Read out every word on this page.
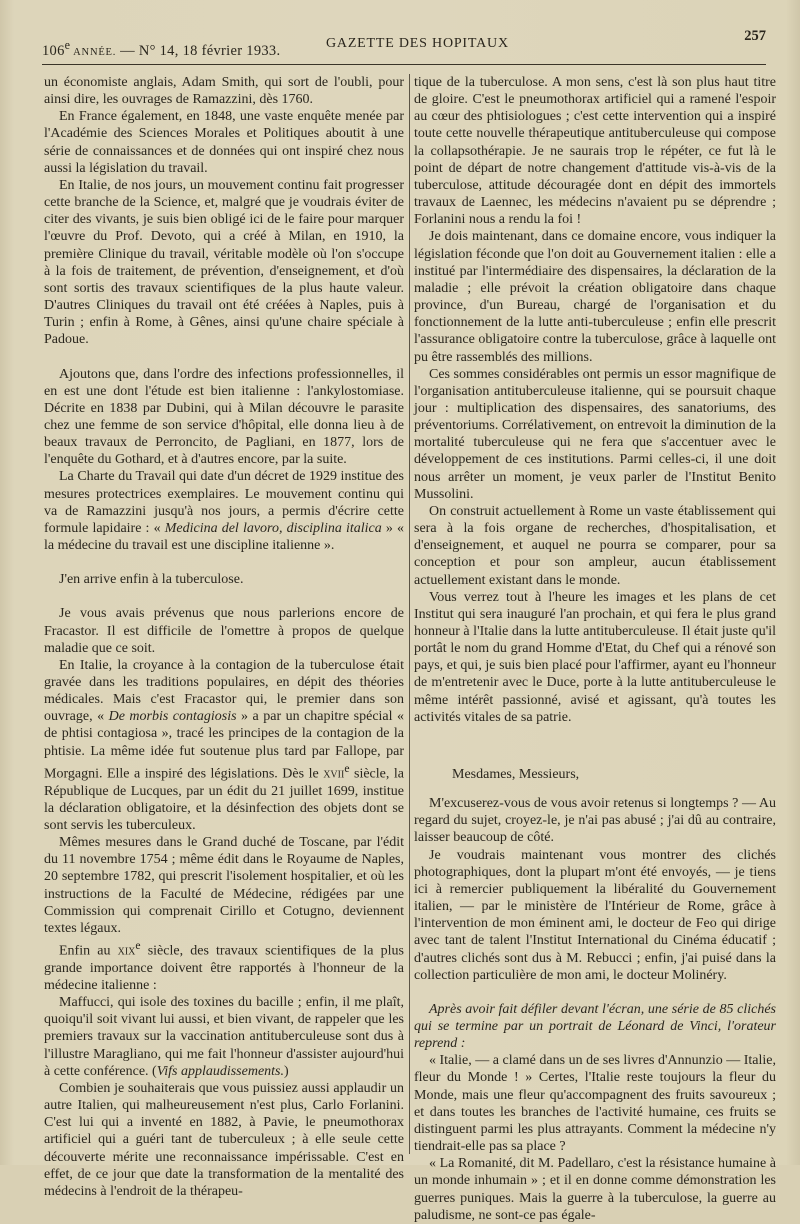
106e ANNÉE. — N° 14, 18 février 1933.	GAZETTE DES HOPITAUX	257

un économiste anglais, Adam Smith, qui sort de l'oubli, pour ainsi dire, les ouvrages de Ramazzini, dès 1760.

En France également, en 1848, une vaste enquête menée par l'Académie des Sciences Morales et Politiques aboutit à une série de connaissances et de données qui ont inspiré chez nous aussi la législation du travail.

En Italie, de nos jours, un mouvement continu fait progresser cette branche de la Science, et, malgré que je voudrais éviter de citer des vivants, je suis bien obligé ici de le faire pour marquer l'œuvre du Prof. Devoto, qui a créé à Milan, en 1910, la première Clinique du travail, véritable modèle où l'on s'occupe à la fois de traitement, de prévention, d'enseignement, et d'où sont sortis des travaux scientifiques de la plus haute valeur. D'autres Cliniques du travail ont été créées à Naples, puis à Turin ; enfin à Rome, à Gênes, ainsi qu'une chaire spéciale à Padoue.

Ajoutons que, dans l'ordre des infections professionnelles, il en est une dont l'étude est bien italienne : l'ankylostomiase. Décrite en 1838 par Dubini, qui à Milan découvre le parasite chez une femme de son service d'hôpital, elle donna lieu à de beaux travaux de Perroncito, de Pagliani, en 1877, lors de l'enquête du Gothard, et à d'autres encore, par la suite.

La Charte du Travail qui date d'un décret de 1929 institue des mesures protectrices exemplaires. Le mouvement continu qui va de Ramazzini jusqu'à nos jours, a permis d'écrire cette formule lapidaire : « Medicina del lavoro, disciplina italica » « la médecine du travail est une discipline italienne ».

J'en arrive enfin à la tuberculose.

Je vous avais prévenus que nous parlerions encore de Fracastor. Il est difficile de l'omettre à propos de quelque maladie que ce soit.

En Italie, la croyance à la contagion de la tuberculose était gravée dans les traditions populaires, en dépit des théories médicales. Mais c'est Fracastor qui, le premier dans son ouvrage, « De morbis contagiosis » a par un chapitre spécial « de phtisi contagiosa », tracé les principes de la contagion de la phtisie. La même idée fut soutenue plus tard par Fallope, par Morgagni. Elle a inspiré des législations. Dès le xvii$^e$ siècle, la République de Lucques, par un édit du 21 juillet 1699, institue la déclaration obligatoire, et la désinfection des objets dont se sont servis les tuberculeux.

Mêmes mesures dans le Grand duché de Toscane, par l'édit du 11 novembre 1754 ; même édit dans le Royaume de Naples, 20 septembre 1782, qui prescrit l'isolement hospitalier, et où les instructions de la Faculté de Médecine, rédigées par une Commission qui comprenait Cirillo et Cotugno, deviennent textes légaux.

Enfin au xix$^e$ siècle, des travaux scientifiques de la plus grande importance doivent être rapportés à l'honneur de la médecine italienne :

Maffucci, qui isole des toxines du bacille ; enfin, il me plaît, quoiqu'il soit vivant lui aussi, et bien vivant, de rappeler que les premiers travaux sur la vaccination antituberculeuse sont dus à l'illustre Maragliano, qui me fait l'honneur d'assister aujourd'hui à cette conférence. (Vifs applaudissements.)

Combien je souhaiterais que vous puissiez aussi applaudir un autre Italien, qui malheureusement n'est plus, Carlo Forlanini. C'est lui qui a inventé en 1882, à Pavie, le pneumothorax artificiel qui a guéri tant de tuberculeux ; à elle seule cette découverte mérite une reconnaissance impérissable. C'est en effet, de ce jour que date la transformation de la mentalité des médecins à l'endroit de la thérapeu-

tique de la tuberculose. A mon sens, c'est là son plus haut titre de gloire. C'est le pneumothorax artificiel qui a ramené l'espoir au cœur des phtisiologues ; c'est cette intervention qui a inspiré toute cette nouvelle thérapeutique antituberculeuse qui compose la collapsothérapie. Je ne saurais trop le répéter, ce fut là le point de départ de notre changement d'attitude vis-à-vis de la tuberculose, attitude découragée dont en dépit des immortels travaux de Laennec, les médecins n'avaient pu se déprendre ; Forlanini nous a rendu la foi !

Je dois maintenant, dans ce domaine encore, vous indiquer la législation féconde que l'on doit au Gouvernement italien : elle a institué par l'intermédiaire des dispensaires, la déclaration de la maladie ; elle prévoit la création obligatoire dans chaque province, d'un Bureau, chargé de l'organisation et du fonctionnement de la lutte anti-tuberculeuse ; enfin elle prescrit l'assurance obligatoire contre la tuberculose, grâce à laquelle ont pu être rassemblés des millions.

Ces sommes considérables ont permis un essor magnifique de l'organisation antituberculeuse italienne, qui se poursuit chaque jour : multiplication des dispensaires, des sanatoriums, des préventoriums. Corrélativement, on entrevoit la diminution de la mortalité tuberculeuse qui ne fera que s'accentuer avec le développement de ces institutions. Parmi celles-ci, il une doit nous arrêter un moment, je veux parler de l'Institut Benito Mussolini.

On construit actuellement à Rome un vaste établissement qui sera à la fois organe de recherches, d'hospitalisation, et d'enseignement, et auquel ne pourra se comparer, pour sa conception et pour son ampleur, aucun établissement actuellement existant dans le monde.

Vous verrez tout à l'heure les images et les plans de cet Institut qui sera inauguré l'an prochain, et qui fera le plus grand honneur à l'Italie dans la lutte antituberculeuse. Il était juste qu'il portât le nom du grand Homme d'Etat, du Chef qui a rénové son pays, et qui, je suis bien placé pour l'affirmer, ayant eu l'honneur de m'entretenir avec le Duce, porte à la lutte antituberculeuse le même intérêt passionné, avisé et agissant, qu'à toutes les activités vitales de sa patrie.

Mesdames, Messieurs,

M'excuserez-vous de vous avoir retenus si longtemps ? — Au regard du sujet, croyez-le, je n'ai pas abusé ; j'ai dû au contraire, laisser beaucoup de côté.

Je voudrais maintenant vous montrer des clichés photographiques, dont la plupart m'ont été envoyés, — je tiens ici à remercier publiquement la libéralité du Gouvernement italien, — par le ministère de l'Intérieur de Rome, grâce à l'intervention de mon éminent ami, le docteur de Feo qui dirige avec tant de talent l'Institut International du Cinéma éducatif ; d'autres clichés sont dus à M. Rebucci ; enfin, j'ai puisé dans la collection particulière de mon ami, le docteur Molinéry.

Après avoir fait défiler devant l'écran, une série de 85 clichés qui se termine par un portrait de Léonard de Vinci, l'orateur reprend :

« Italie, — a clamé dans un de ses livres d'Annunzio — Italie, fleur du Monde ! » Certes, l'Italie reste toujours la fleur du Monde, mais une fleur qu'accompagnent des fruits savoureux ; et dans toutes les branches de l'activité humaine, ces fruits se distinguent parmi les plus attrayants. Comment la médecine n'y tiendrait-elle pas sa place ?

« La Romanité, dit M. Padellaro, c'est la résistance humaine à un monde inhumain » ; et il en donne comme démonstration les guerres puniques. Mais la guerre à la tuberculose, la guerre au paludisme, ne sont-ce pas égale-
